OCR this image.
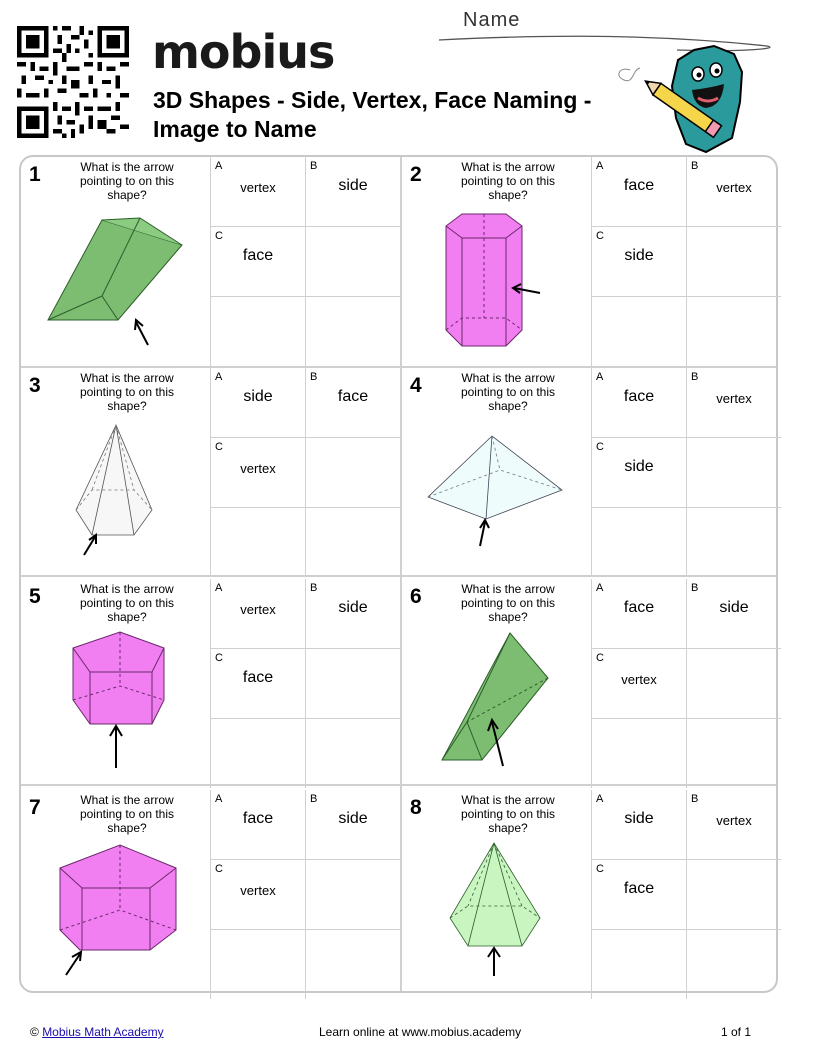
mobius
3D Shapes - Side, Vertex, Face Naming - Image to Name
Name
1	What is the arrow pointing to on this shape?
A
vertex
B
side
C
face
2	What is the arrow pointing to on this shape?
A
face
B
vertex
C
side
3	What is the arrow pointing to on this shape?
A
side
B
face
C
vertex
4	What is the arrow pointing to on this shape?
A
face
B
vertex
C
side
5	What is the arrow pointing to on this shape?
A
vertex
B
side
C
face
6	What is the arrow pointing to on this shape?
A
face
B
side
C
vertex
7	What is the arrow pointing to on this shape?
A
face
B
side
C
vertex
8	What is the arrow pointing to on this shape?
A
side
B
vertex
C
face
© Mobius Math Academy	Learn online at www.mobius.academy	1 of 1
